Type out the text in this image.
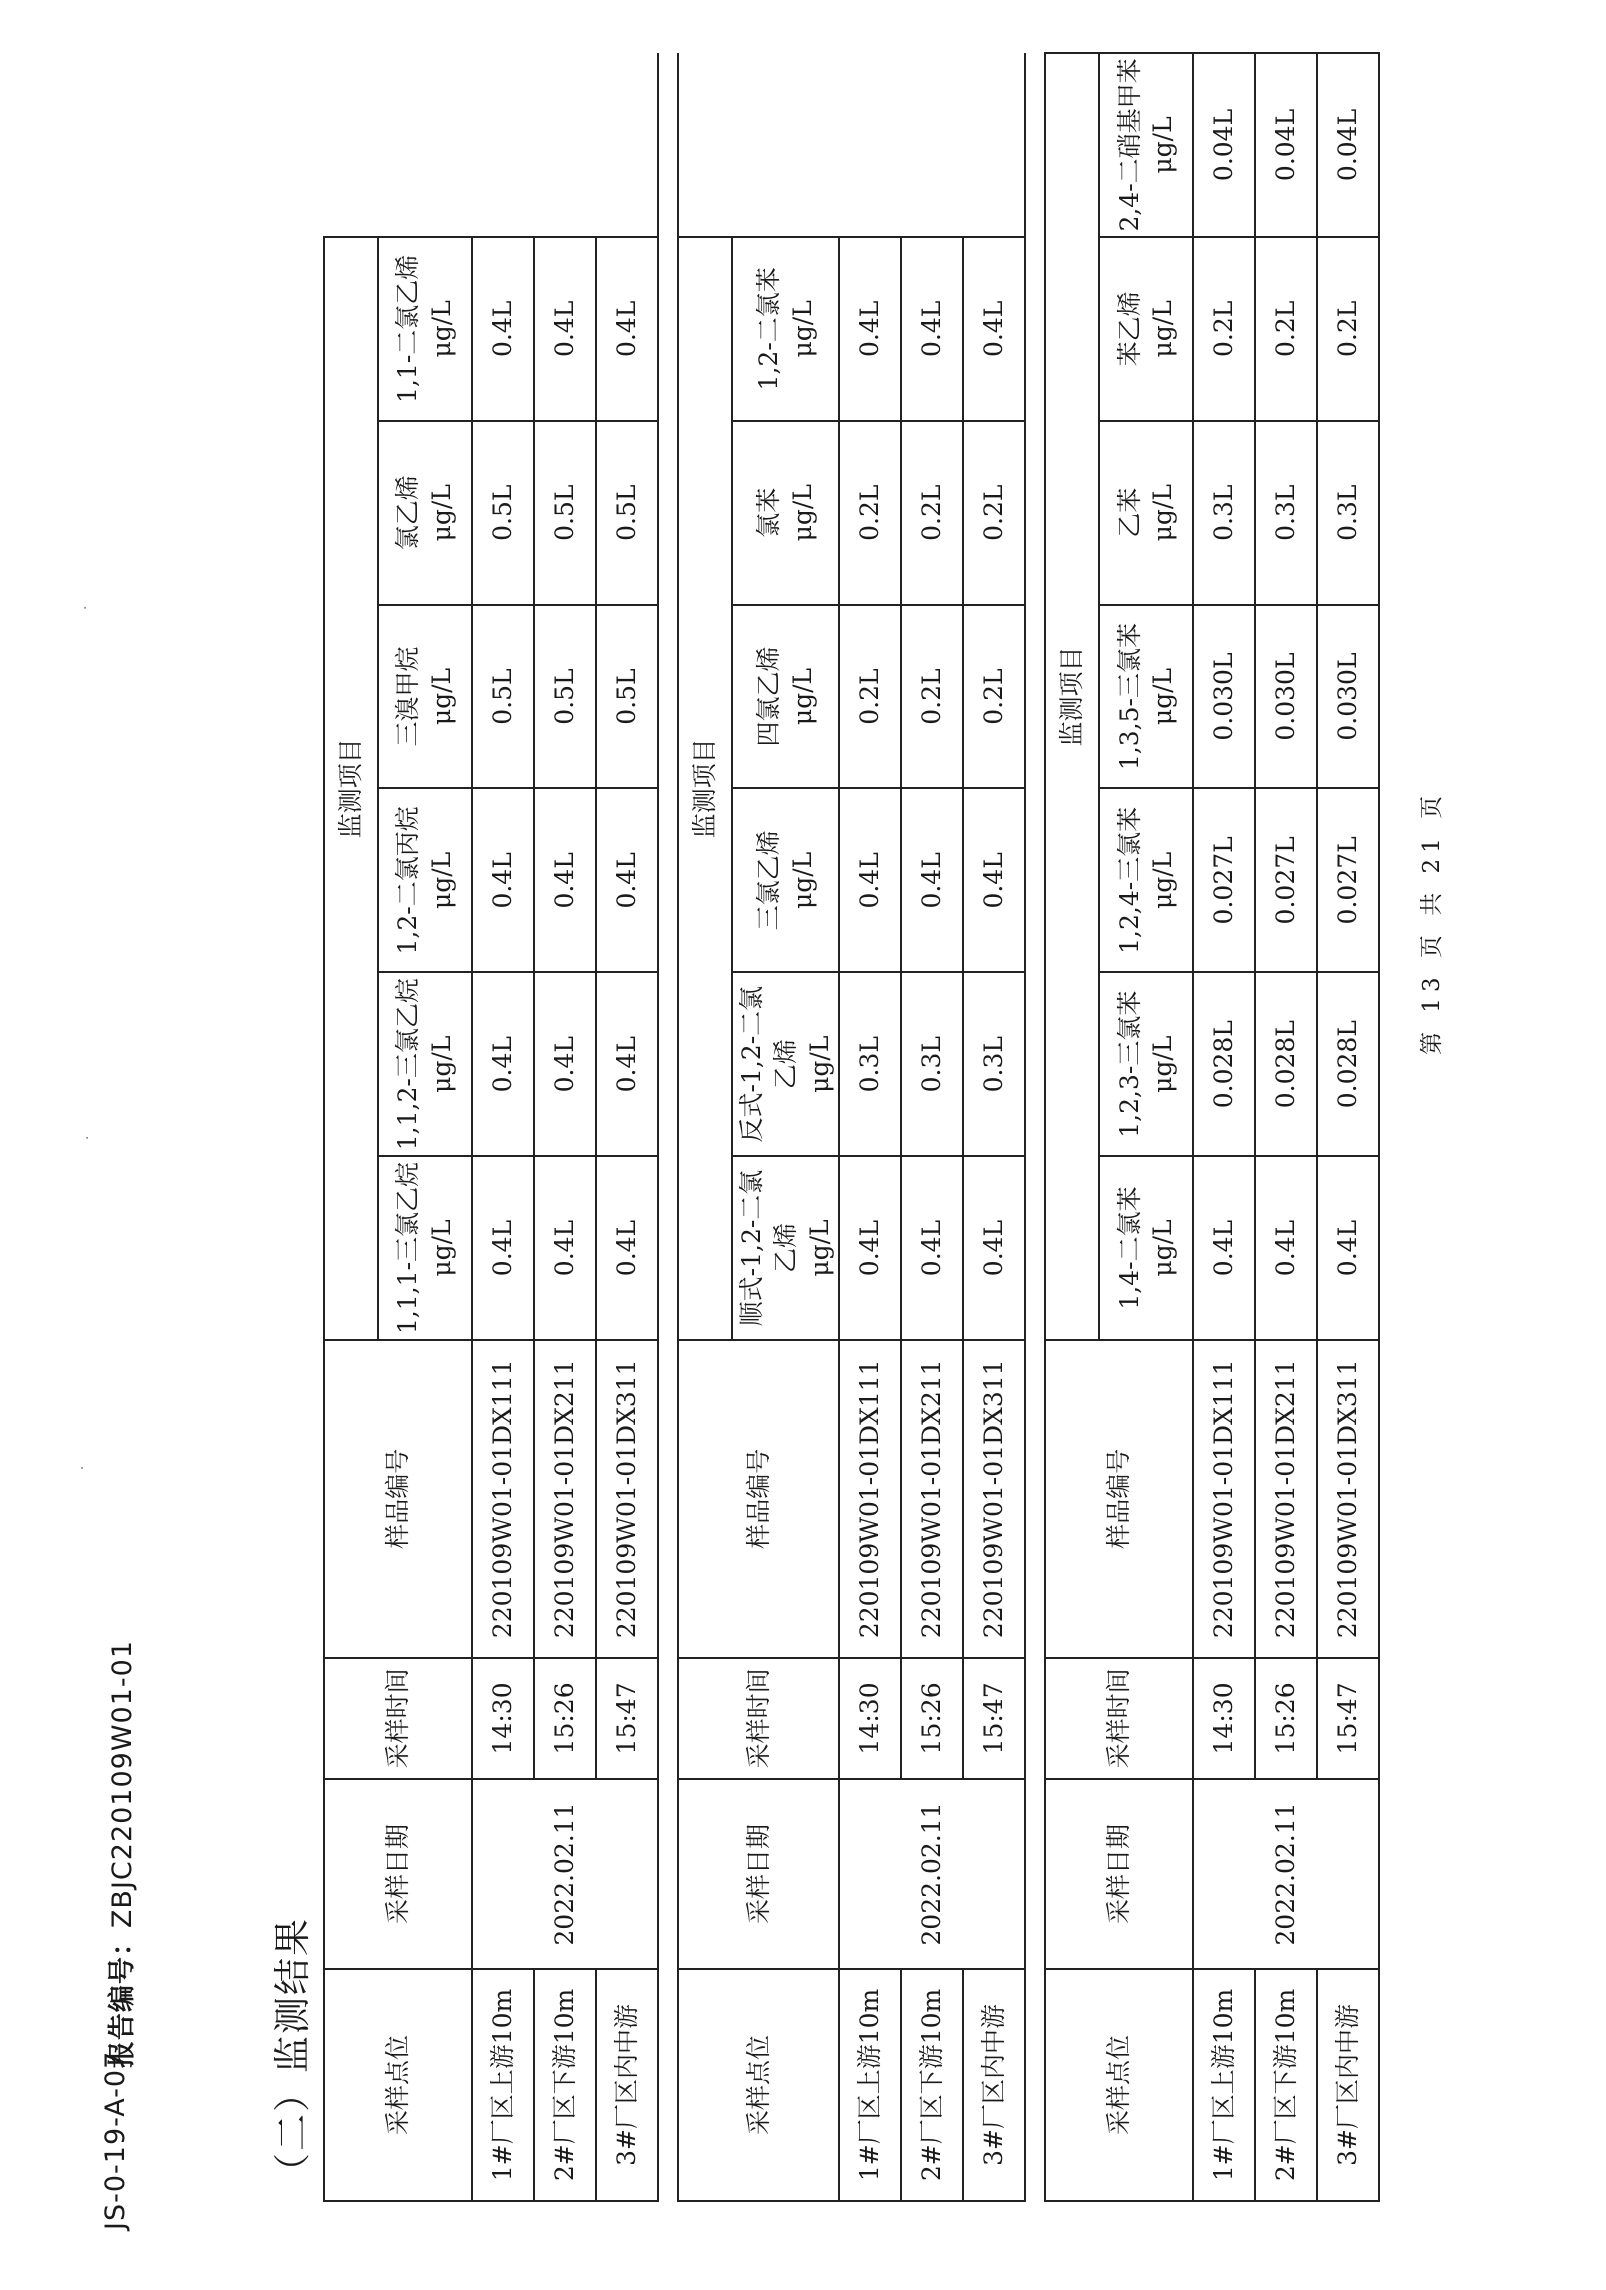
JS-0-19-A-07
报告编号：ZBJC220109W01-01
（二）监测结果	采样点位	采样日期	采样时间	样品编号	监测项目						
				1,1,1-三氯乙烷 μg/L	1,1,2-三氯乙烷 μg/L	1,2-二氯丙烷 μg/L	三溴甲烷 μg/L	氯乙烯 μg/L	1,1-二氯乙烯 μg/L	

1#厂区上游10m	2022.02.11	14:30	220109W01-01DX111	0.4L	0.4L	0.4L	0.5L	0.5L	0.4L	
2#厂区下游10m		15:26	220109W01-01DX211	0.4L	0.4L	0.4L	0.5L	0.5L	0.4L	
3#厂区内中游		15:47	220109W01-01DX311	0.4L	0.4L	0.4L	0.5L	0.5L	0.4L	

采样点位	采样日期	采样时间	样品编号	监测项目						
				顺式-1,2-二氯乙烯 μg/L	反式-1,2-二氯乙烯 μg/L	三氯乙烯 μg/L	四氯乙烯 μg/L	氯苯 μg/L	1,2-二氯苯 μg/L	

1#厂区上游10m	2022.02.11	14:30	220109W01-01DX111	0.4L	0.3L	0.4L	0.2L	0.2L	0.4L	
2#厂区下游10m		15:26	220109W01-01DX211	0.4L	0.3L	0.4L	0.2L	0.2L	0.4L	
3#厂区内中游		15:47	220109W01-01DX311	0.4L	0.3L	0.4L	0.2L	0.2L	0.4L	

采样点位	采样日期	采样时间	样品编号	监测项目						
				1,4-二氯苯 μg/L	1,2,3-三氯苯 μg/L	1,2,4-三氯苯 μg/L	1,3,5-三氯苯 μg/L	乙苯 μg/L	苯乙烯 μg/L	2,4-二硝基甲苯 μg/L

1#厂区上游10m	2022.02.11	14:30	220109W01-01DX111	0.4L	0.028L	0.027L	0.030L	0.3L	0.2L	0.04L
2#厂区下游10m		15:26	220109W01-01DX211	0.4L	0.028L	0.027L	0.030L	0.3L	0.2L	0.04L
3#厂区内中游		15:47	220109W01-01DX311	0.4L	0.028L	0.027L	0.030L	0.3L	0.2L	0.04L
第 13 页 共 21 页
·
·
·
